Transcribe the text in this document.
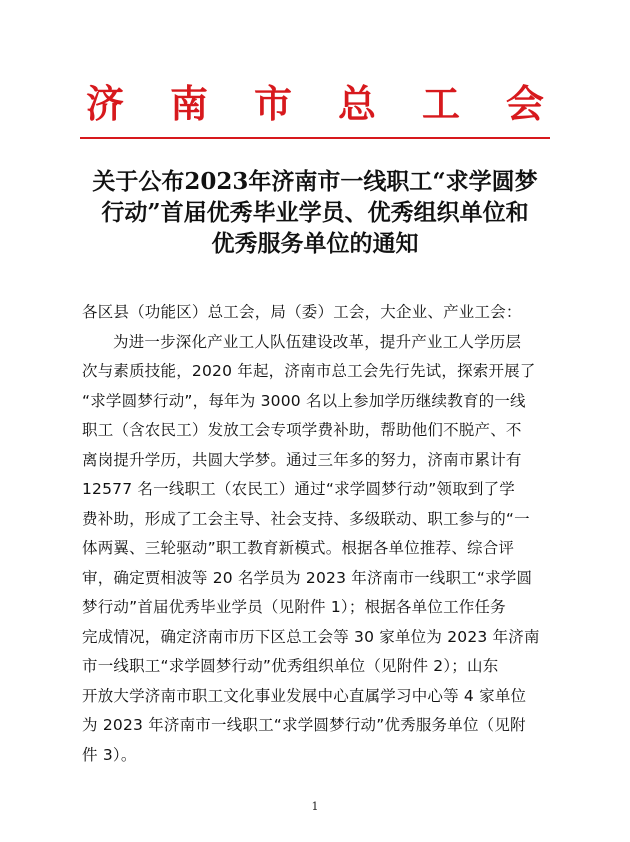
济 南 市 总 工 会
关于公布2023年济南市一线职工“求学圆梦
行动”首届优秀毕业学员、优秀组织单位和
优秀服务单位的通知
各区县（功能区）总工会，局（委）工会，大企业、产业工会：
为进一步深化产业工人队伍建设改革，提升产业工人学历层
次与素质技能，2020 年起，济南市总工会先行先试，探索开展了
“求学圆梦行动”，每年为 3000 名以上参加学历继续教育的一线
职工（含农民工）发放工会专项学费补助，帮助他们不脱产、不
离岗提升学历，共圆大学梦。通过三年多的努力，济南市累计有
12577 名一线职工（农民工）通过“求学圆梦行动”领取到了学
费补助，形成了工会主导、社会支持、多级联动、职工参与的“一
体两翼、三轮驱动”职工教育新模式。根据各单位推荐、综合评
审，确定贾相波等 20 名学员为 2023 年济南市一线职工“求学圆
梦行动”首届优秀毕业学员（见附件 1）；根据各单位工作任务
完成情况，确定济南市历下区总工会等 30 家单位为 2023 年济南
市一线职工“求学圆梦行动”优秀组织单位（见附件 2）；山东
开放大学济南市职工文化事业发展中心直属学习中心等 4 家单位
为 2023 年济南市一线职工“求学圆梦行动”优秀服务单位（见附
件 3）。
1
